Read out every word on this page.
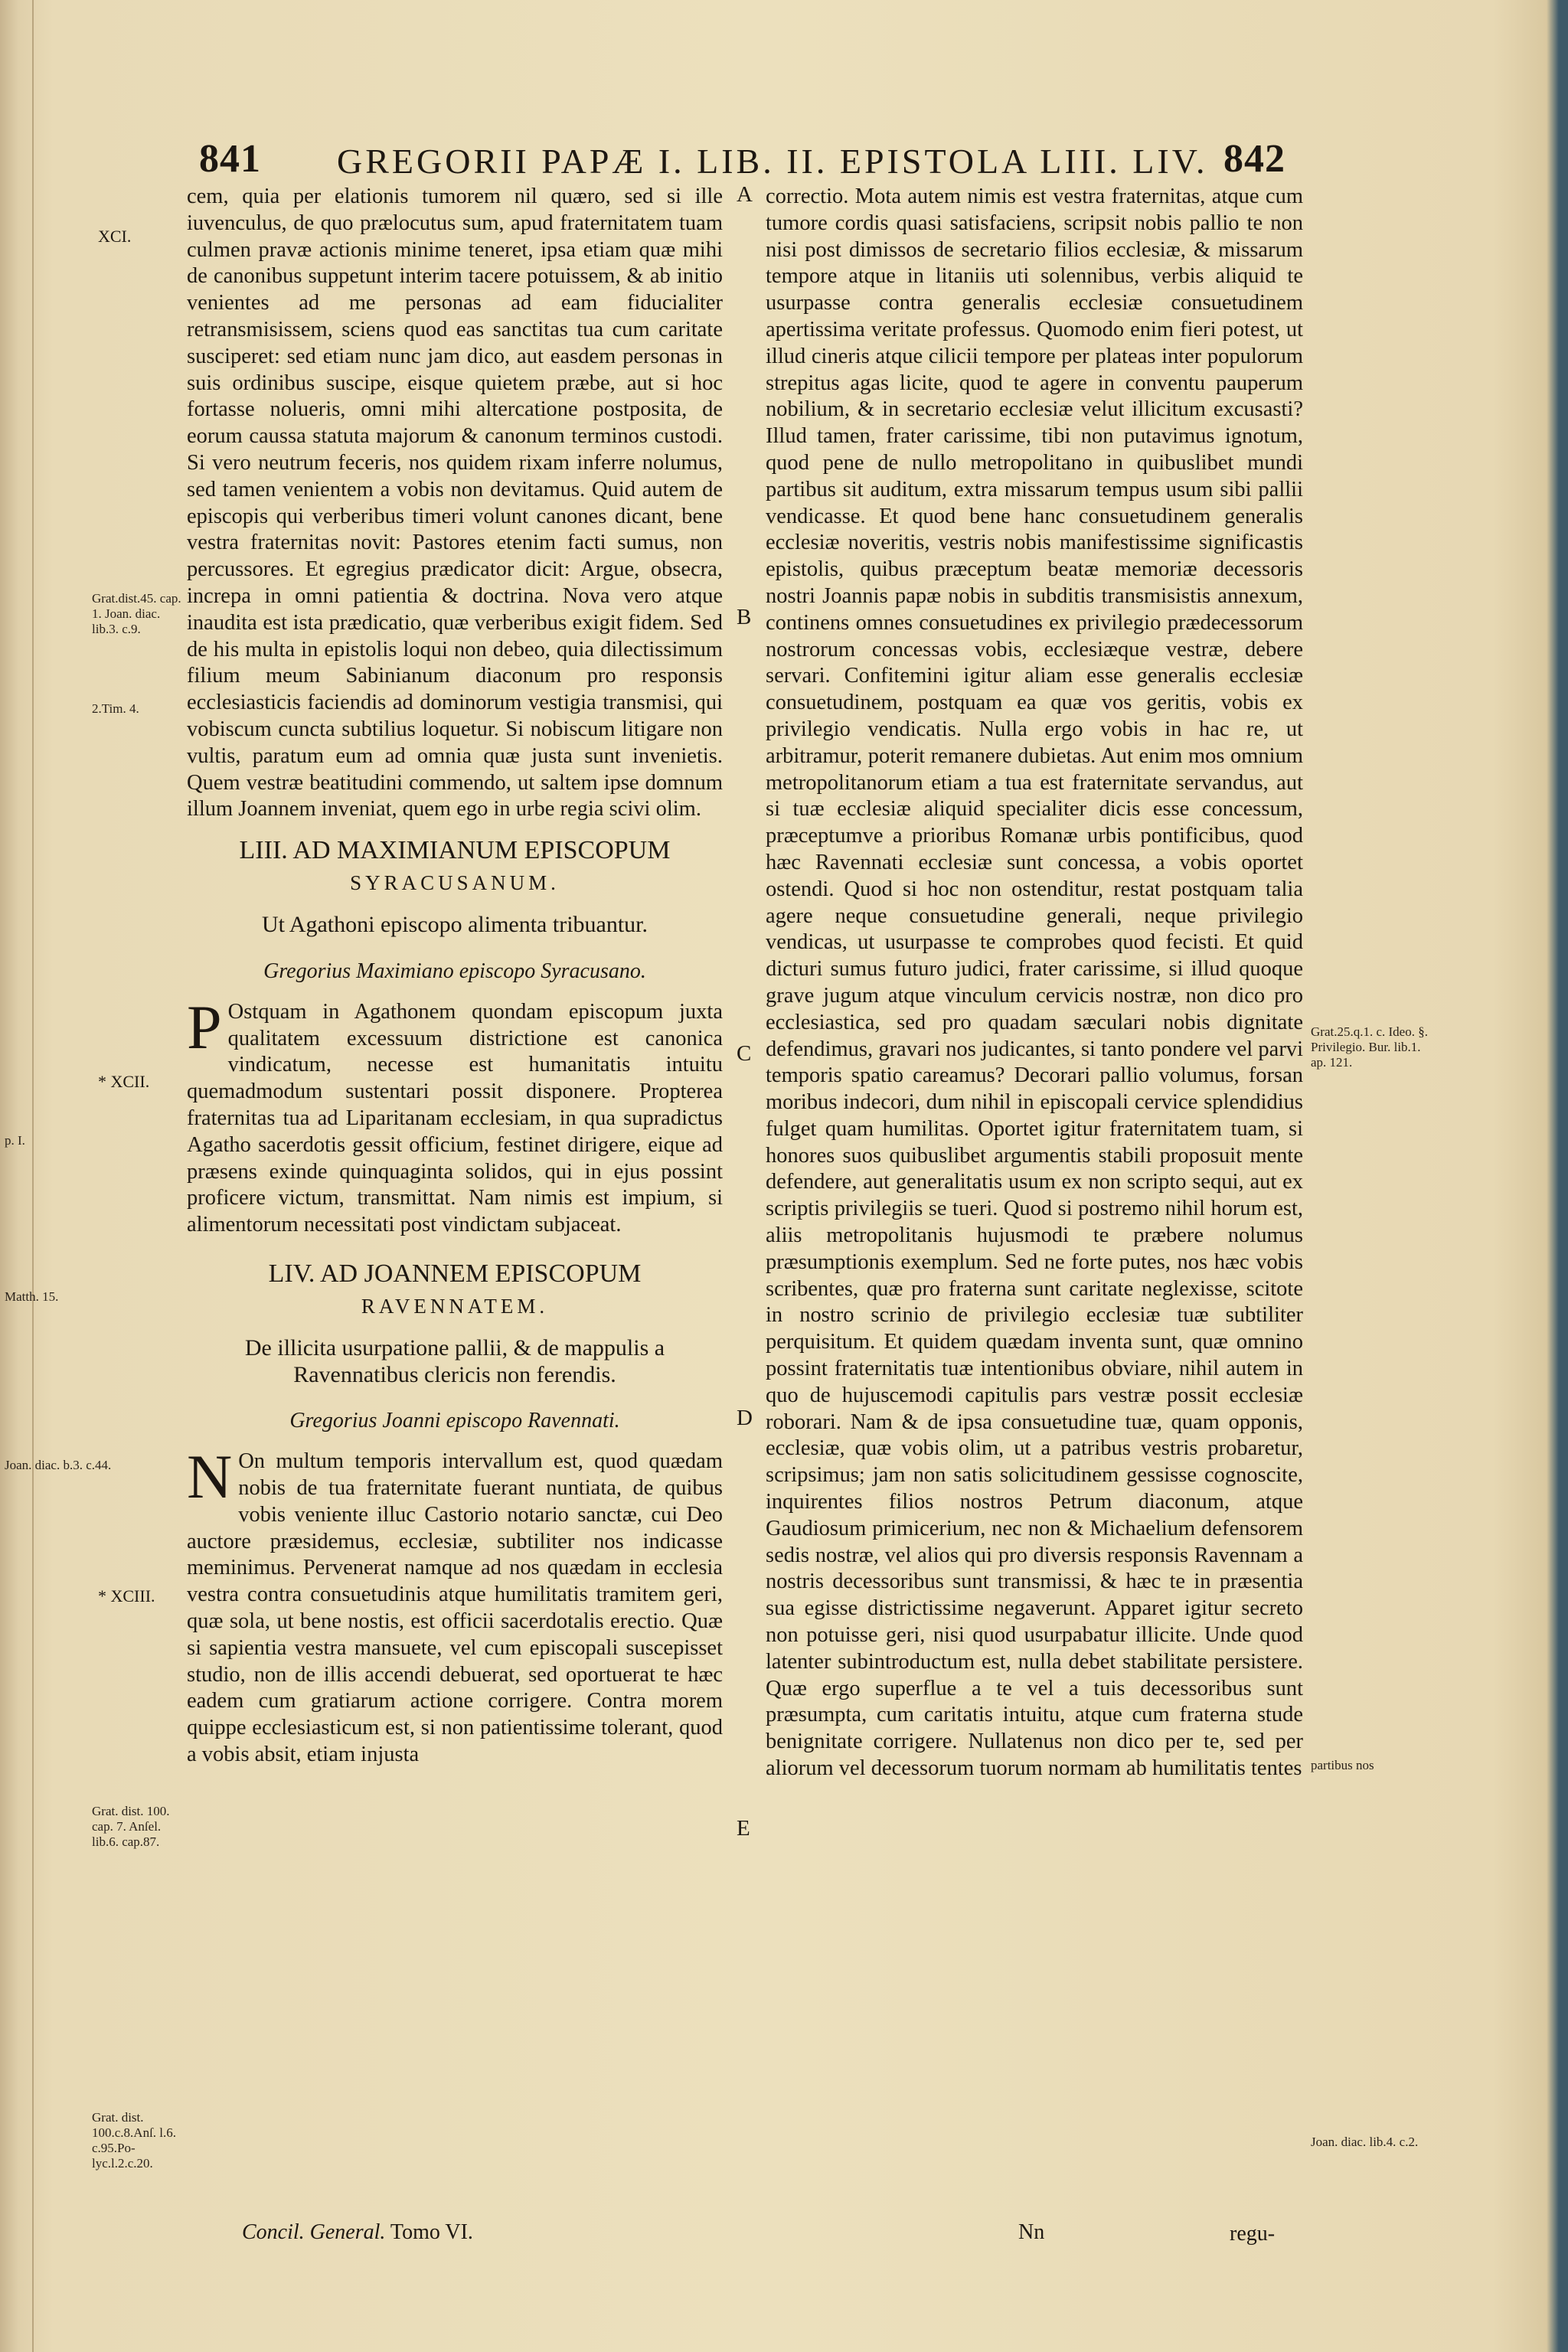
841 GREGORII PAPÆ I. LIB. II. EPISTOLA LIII. LIV. 842

cem, quia per elationis tumorem nil quæro, sed si ille iuvenculus, de quo prælocutus sum, apud fraternitatem tuam culmen pravæ actionis minime teneret, ipsa etiam quæ mihi de canonibus suppetunt interim tacere potuissem, & ab initio venientes ad me personas ad eam fiducialiter retransmisissem, sciens quod eas sanctitas tua cum caritate susciperet: sed etiam nunc jam dico, aut easdem personas in suis ordinibus suscipe, eisque quietem præbe, aut si hoc fortasse nolueris, omni mihi altercatione postposita, de eorum caussa statuta majorum & canonum terminos custodi. Si vero neutrum feceris, nos quidem rixam inferre nolumus, sed tamen venientem a vobis non devitamus. Quid autem de episcopis qui verberibus timeri volunt canones dicant, bene vestra fraternitas novit: Pastores etenim facti sumus, non percussores. Et egregius prædicator dicit: Argue, obsecra, increpa in omni patientia & doctrina. Nova vero atque inaudita est ista prædicatio, quæ verberibus exigit fidem. Sed de his multa in epistolis loqui non debeo, quia dilectissimum filium meum Sabinianum diaconum pro responsis ecclesiasticis faciendis ad dominorum vestigia transmisi, qui vobiscum cuncta subtilius loquetur. Si nobiscum litigare non vultis, paratum eum ad omnia quæ justa sunt invenietis. Quem vestræ beatitudini commendo, ut saltem ipse domnum illum Joannem inveniat, quem ego in urbe regia scivi olim.

LIII. AD MAXIMIANUM EPISCOPUM
SYRACUSANUM.
Ut Agathoni episcopo alimenta tribuantur.
Gregorius Maximiano episcopo Syracusano.

P Ostquam in Agathonem quondam episcopum juxta qualitatem excessuum districtione est canonica vindicatum, necesse est humanitatis intuitu quemadmodum sustentari possit disponere. Propterea fraternitas tua ad Liparitanam ecclesiam, in qua supradictus Agatho sacerdotis gessit officium, festinet dirigere, eique ad præsens exinde quinquaginta solidos, qui in ejus possint proficere victum, transmittat. Nam nimis est impium, si alimentorum necessitati post vindictam subjaceat.

LIV. AD JOANNEM EPISCOPUM
RAVENNATEM.
De illicita usurpatione pallii, & de mappulis a Ravennatibus clericis non ferendis.
Gregorius Joanni episcopo Ravennati.

N On multum temporis intervallum est, quod quædam nobis de tua fraternitate fuerant nuntiata, de quibus vobis veniente illuc Castorio notario sanctæ, cui Deo auctore præsidemus, ecclesiæ, subtiliter nos indicasse meminimus. Pervenerat namque ad nos quædam in ecclesia vestra contra consuetudinis atque humilitatis tramitem geri, quæ sola, ut bene nostis, est officii sacerdotalis erectio. Quæ si sapientia vestra mansuete, vel cum episcopali suscepisset studio, non de illis accendi debuerat, sed oportuerat te hæc eadem cum gratiarum actione corrigere. Contra morem quippe ecclesiasticum est, si non patientissime tolerant, quod a vobis absit, etiam injusta

correctio. Mota autem nimis est vestra fraternitas, atque cum tumore cordis quasi satisfaciens, scripsit nobis pallio te non nisi post dimissos de secretario filios ecclesiæ, & missarum tempore atque in litaniis uti solennibus, verbis aliquid te usurpasse contra generalis ecclesiæ consuetudinem apertissima veritate professus. Quomodo enim fieri potest, ut illud cineris atque cilicii tempore per plateas inter populorum strepitus agas licite, quod te agere in conventu pauperum nobilium, & in secretario ecclesiæ velut illicitum excusasti? Illud tamen, frater carissime, tibi non putavimus ignotum, quod pene de nullo metropolitano in quibuslibet mundi partibus sit auditum, extra missarum tempus usum sibi pallii vendicasse. Et quod bene hanc consuetudinem generalis ecclesiæ noveritis, vestris nobis manifestissime significastis epistolis, quibus præceptum beatæ memoriæ decessoris nostri Joannis papæ nobis in subditis transmisistis annexum, continens omnes consuetudines ex privilegio prædecessorum nostrorum concessas vobis, ecclesiæque vestræ, debere servari. Confitemini igitur aliam esse generalis ecclesiæ consuetudinem, postquam ea quæ vos geritis, vobis ex privilegio vendicatis. Nulla ergo vobis in hac re, ut arbitramur, poterit remanere dubietas. Aut enim mos omnium metropolitanorum etiam a tua est fraternitate servandus, aut si tuæ ecclesiæ aliquid specialiter dicis esse concessum, præceptumve a prioribus Romanæ urbis pontificibus, quod hæc Ravennati ecclesiæ sunt concessa, a vobis oportet ostendi. Quod si hoc non ostenditur, restat postquam talia agere neque consuetudine generali, neque privilegio vendicas, ut usurpasse te comprobes quod fecisti. Et quid dicturi sumus futuro judici, frater carissime, si illud quoque grave jugum atque vinculum cervicis nostræ, non dico pro ecclesiastica, sed pro quadam sæculari nobis dignitate defendimus, gravari nos judicantes, si tanto pondere vel parvi temporis spatio careamus? Decorari pallio volumus, forsan moribus indecori, dum nihil in episcopali cervice splendidius fulget quam humilitas. Oportet igitur fraternitatem tuam, si honores suos quibuslibet argumentis stabili proposuit mente defendere, aut generalitatis usum ex non scripto sequi, aut ex scriptis privilegiis se tueri. Quod si postremo nihil horum est, aliis metropolitanis hujusmodi te præbere nolumus præsumptionis exemplum. Sed ne forte putes, nos hæc vobis scribentes, quæ pro fraterna sunt caritate neglexisse, scitote in nostro scrinio de privilegio ecclesiæ tuæ subtiliter perquisitum. Et quidem quædam inventa sunt, quæ omnino possint fraternitatis tuæ intentionibus obviare, nihil autem in quo de hujuscemodi capitulis pars vestræ possit ecclesiæ roborari. Nam & de ipsa consuetudine tuæ, quam opponis, ecclesiæ, quæ vobis olim, ut a patribus vestris probaretur, scripsimus; jam non satis solicitudinem gessisse cognoscite, inquirentes filios nostros Petrum diaconum, atque Gaudiosum primicerium, nec non & Michaelium defensorem sedis nostræ, vel alios qui pro diversis responsis Ravennam a nostris decessoribus sunt transmissi, & hæc te in præsentia sua egisse districtissime negaverunt. Apparet igitur secreto non potuisse geri, nisi quod usurpabatur illicite. Unde quod latenter subintroductum est, nulla debet stabilitate persistere. Quæ ergo superflue a te vel a tuis decessoribus sunt præsumpta, cum caritatis intuitu, atque cum fraterna stude benignitate corrigere. Nullatenus non dico per te, sed per aliorum vel decessorum tuorum normam ab humilitatis tentes

A
B
C
D
E
XCI.
Grat.dist.45. cap. 1. Joan. diac. lib.3. c.9.
2.Tim. 4.
* XCII.
* XCIII.
Grat. dist. 100. cap. 7. Anſel. lib.6. cap.87.
Grat. dist. 100.c.8.Anſ. l.6. c.95.Po-lyc.l.2.c.20.
p. I.
Matth. 15.
Joan. diac. b.3. c.44.
Grat.25.q.1. c. Ideo. §. Privilegio. Bur. lib.1. ap. 121.
partibus nos
Joan. diac. lib.4. c.2.
Concil. General. Tomo VI.	Nn	regu-
